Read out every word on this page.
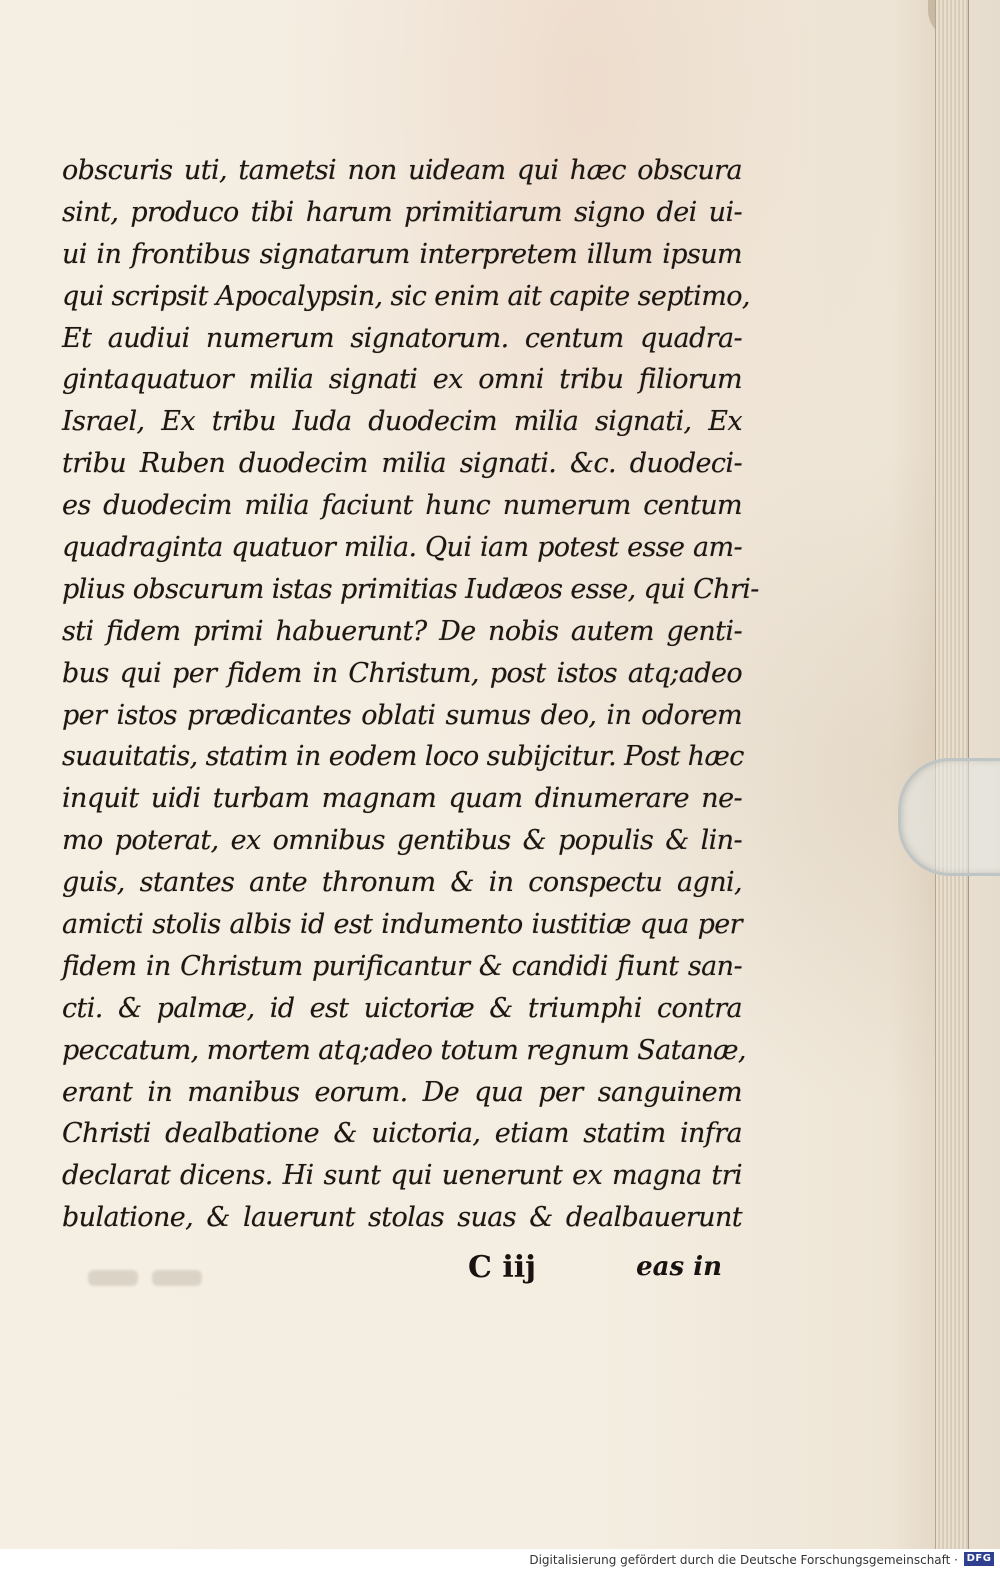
obscuris uti, tametsi non uideam qui hæc obscura
sint, produco tibi harum primitiarum signo dei ui-
ui in frontibus signatarum interpretem illum ipsum
qui scripsit Apocalypsin, sic enim ait capite septimo,
Et audiui numerum signatorum. centum quadra-
gintaquatuor milia signati ex omni tribu filiorum
Israel, Ex tribu Iuda duodecim milia signati, Ex
tribu Ruben duodecim milia signati. &c. duodeci-
es duodecim milia faciunt hunc numerum centum
quadraginta quatuor milia. Qui iam potest esse am-
plius obscurum istas primitias Iudæos esse, qui Chri-
sti fidem primi habuerunt? De nobis autem genti-
bus qui per fidem in Christum, post istos atq;adeo
per istos prædicantes oblati sumus deo, in odorem
suauitatis, statim in eodem loco subijcitur. Post hæc
inquit uidi turbam magnam quam dinumerare ne-
mo poterat, ex omnibus gentibus & populis & lin-
guis, stantes ante thronum & in conspectu agni,
amicti stolis albis id est indumento iustitiæ qua per
fidem in Christum purificantur & candidi fiunt san-
cti. & palmæ, id est uictoriæ & triumphi contra
peccatum, mortem atq;adeo totum regnum Satanæ,
erant in manibus eorum. De qua per sanguinem
Christi dealbatione & uictoria, etiam statim infra
declarat dicens. Hi sunt qui uenerunt ex magna tri
bulatione, & lauerunt stolas suas & dealbauerunt
C iij	eas in
Digitalisierung gefördert durch die Deutsche Forschungsgemeinschaft · DFG
